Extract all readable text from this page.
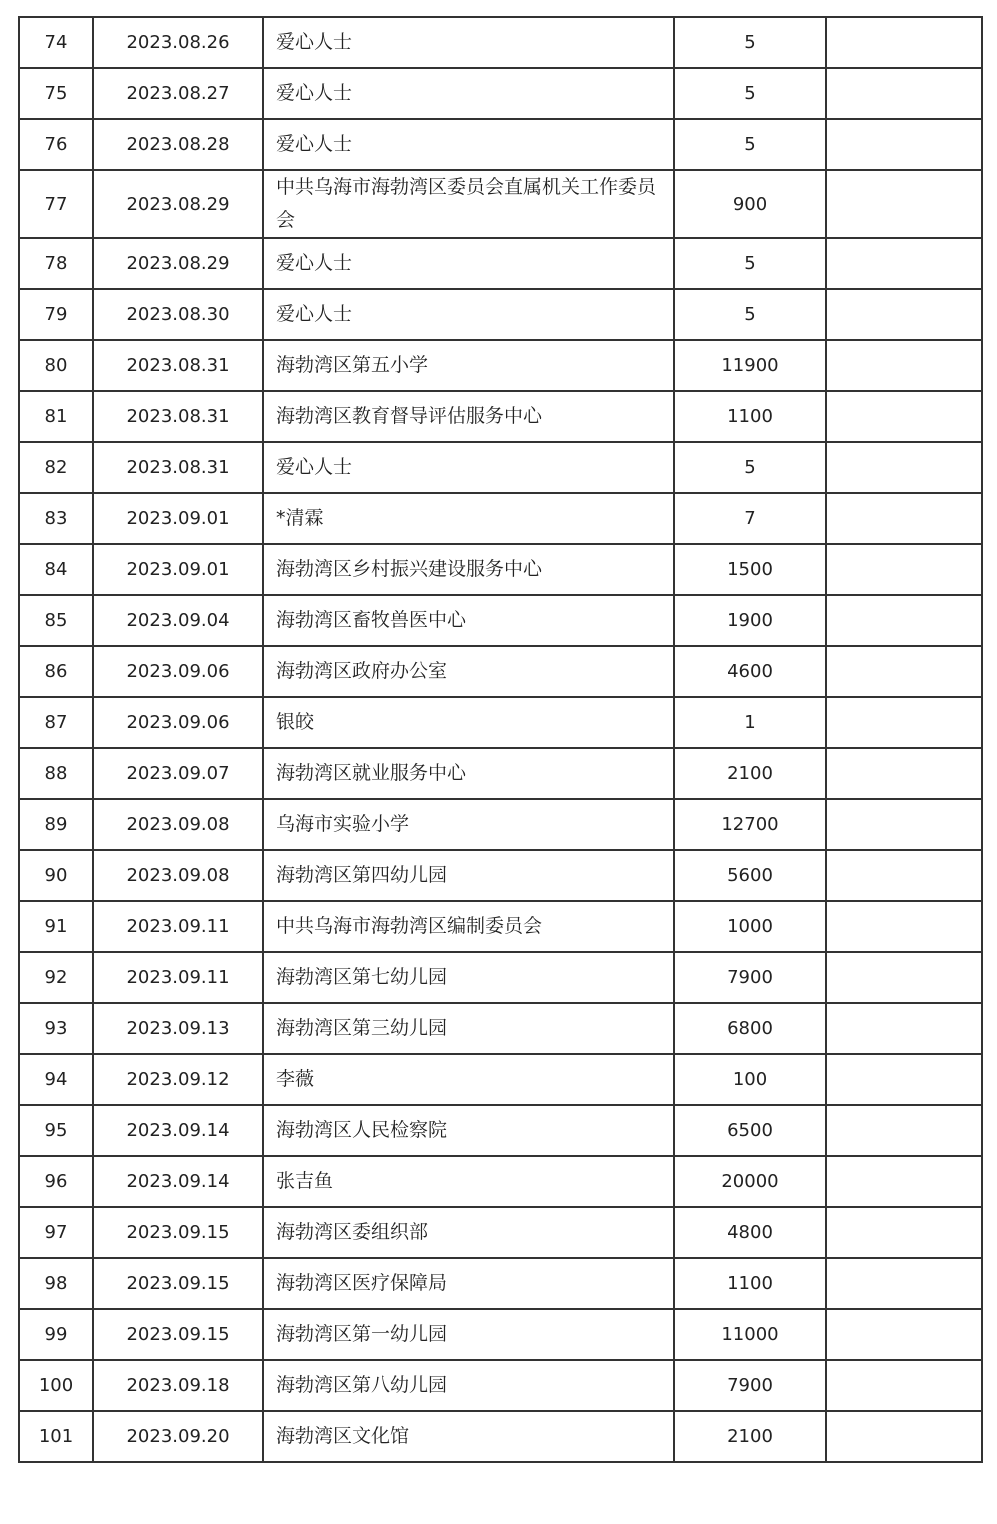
74	2023.08.26	爱心人士	5	
75	2023.08.27	爱心人士	5	
76	2023.08.28	爱心人士	5	
77	2023.08.29	中共乌海市海勃湾区委员会直属机关工作委员会	900	
78	2023.08.29	爱心人士	5	
79	2023.08.30	爱心人士	5	
80	2023.08.31	海勃湾区第五小学	11900	
81	2023.08.31	海勃湾区教育督导评估服务中心	1100	
82	2023.08.31	爱心人士	5	
83	2023.09.01	*清霖	7	
84	2023.09.01	海勃湾区乡村振兴建设服务中心	1500	
85	2023.09.04	海勃湾区畜牧兽医中心	1900	
86	2023.09.06	海勃湾区政府办公室	4600	
87	2023.09.06	银皎	1	
88	2023.09.07	海勃湾区就业服务中心	2100	
89	2023.09.08	乌海市实验小学	12700	
90	2023.09.08	海勃湾区第四幼儿园	5600	
91	2023.09.11	中共乌海市海勃湾区编制委员会	1000	
92	2023.09.11	海勃湾区第七幼儿园	7900	
93	2023.09.13	海勃湾区第三幼儿园	6800	
94	2023.09.12	李薇	100	
95	2023.09.14	海勃湾区人民检察院	6500	
96	2023.09.14	张吉鱼	20000	
97	2023.09.15	海勃湾区委组织部	4800	
98	2023.09.15	海勃湾区医疗保障局	1100	
99	2023.09.15	海勃湾区第一幼儿园	11000	
100	2023.09.18	海勃湾区第八幼儿园	7900	
101	2023.09.20	海勃湾区文化馆	2100	
